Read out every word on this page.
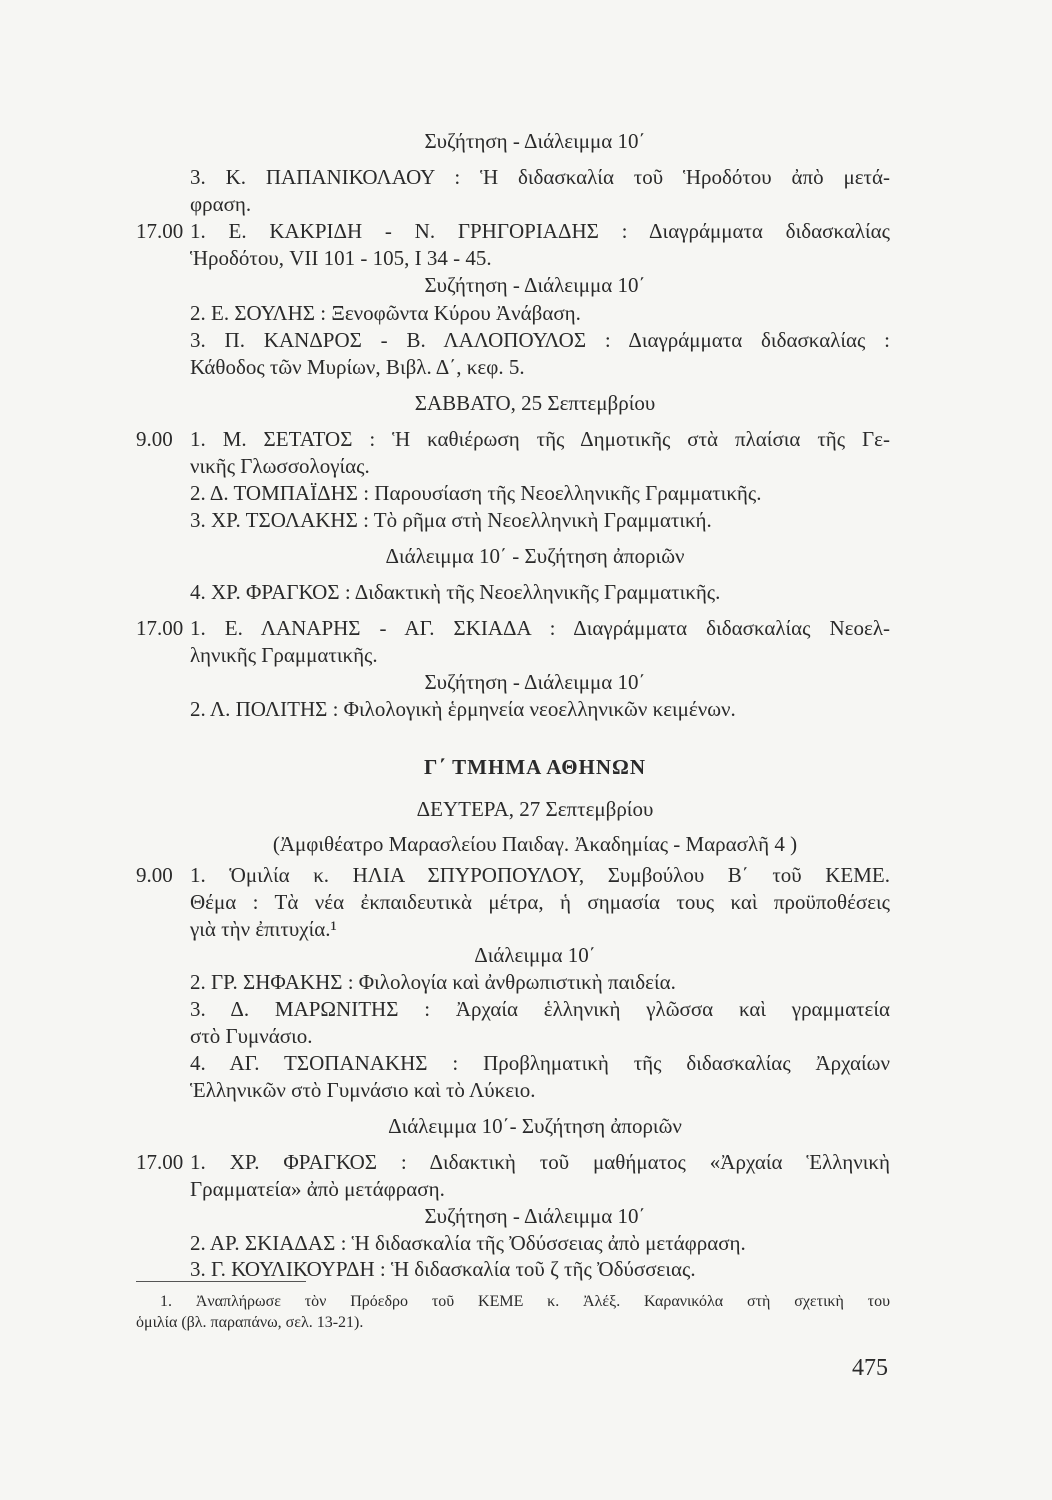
Συζήτηση - Διάλειμμα 10΄
3. Κ. ΠΑΠΑΝΙΚΟΛΑΟΥ : Ἡ διδασκαλία τοῦ Ἡροδότου ἀπὸ μετά-
φραση.
17.00 1. Ε. ΚΑΚΡΙΔΗ - Ν. ΓΡΗΓΟΡΙΑΔΗΣ : Διαγράμματα διδασκαλίας
Ἡροδότου, VII 101 - 105, I 34 - 45.
Συζήτηση - Διάλειμμα 10΄
2. Ε. ΣΟΥΛΗΣ : Ξενοφῶντα Κύρου Ἀνάβαση.
3. Π. ΚΑΝΔΡΟΣ - Β. ΛΑΛΟΠΟΥΛΟΣ : Διαγράμματα διδασκαλίας :
Κάθοδος τῶν Μυρίων, Βιβλ. Δ΄, κεφ. 5.
ΣΑΒΒΑΤΟ, 25 Σεπτεμβρίου
9.00 1. Μ. ΣΕΤΑΤΟΣ : Ἡ καθιέρωση τῆς Δημοτικῆς στὰ πλαίσια τῆς Γε-
νικῆς Γλωσσολογίας.
2. Δ. ΤΟΜΠΑΪΔΗΣ : Παρουσίαση τῆς Νεοελληνικῆς Γραμματικῆς.
3. ΧΡ. ΤΣΟΛΑΚΗΣ : Τὸ ρῆμα στὴ Νεοελληνικὴ Γραμματική.
Διάλειμμα 10΄ - Συζήτηση ἀποριῶν
4. ΧΡ. ΦΡΑΓΚΟΣ : Διδακτικὴ τῆς Νεοελληνικῆς Γραμματικῆς.
17.00 1. Ε. ΛΑΝΑΡΗΣ - ΑΓ. ΣΚΙΑΔΑ : Διαγράμματα διδασκαλίας Νεοελ-
ληνικῆς Γραμματικῆς.
Συζήτηση - Διάλειμμα 10΄
2. Λ. ΠΟΛΙΤΗΣ : Φιλολογικὴ ἑρμηνεία νεοελληνικῶν κειμένων.
Γ΄ ΤΜΗΜΑ ΑΘΗΝΩΝ
ΔΕΥΤΕΡΑ, 27 Σεπτεμβρίου
(Ἀμφιθέατρο Μαρασλείου Παιδαγ. Ἀκαδημίας - Μαρασλῆ 4 )
9.00 1. Ὁμιλία κ. ΗΛΙΑ ΣΠΥΡΟΠΟΥΛΟΥ, Συμβούλου Β΄ τοῦ ΚΕΜΕ.
Θέμα : Τὰ νέα ἐκπαιδευτικὰ μέτρα, ἡ σημασία τους καὶ προϋποθέσεις
γιὰ τὴν ἐπιτυχία.¹
Διάλειμμα 10΄
2. ΓΡ. ΣΗΦΑΚΗΣ : Φιλολογία καὶ ἀνθρωπιστικὴ παιδεία.
3. Δ. ΜΑΡΩΝΙΤΗΣ : Ἀρχαία ἑλληνικὴ γλῶσσα καὶ γραμματεία
στὸ Γυμνάσιο.
4. ΑΓ. ΤΣΟΠΑΝΑΚΗΣ : Προβληματικὴ τῆς διδασκαλίας Ἀρχαίων
Ἑλληνικῶν στὸ Γυμνάσιο καὶ τὸ Λύκειο.
Διάλειμμα 10΄- Συζήτηση ἀποριῶν
17.00 1. ΧΡ. ΦΡΑΓΚΟΣ : Διδακτικὴ τοῦ μαθήματος «Ἀρχαία Ἑλληνικὴ
Γραμματεία» ἀπὸ μετάφραση.
Συζήτηση - Διάλειμμα 10΄
2. ΑΡ. ΣΚΙΑΔΑΣ : Ἡ διδασκαλία τῆς Ὀδύσσειας ἀπὸ μετάφραση.
3. Γ. ΚΟΥΛΙΚΟΥΡΔΗ : Ἡ διδασκαλία τοῦ ζ τῆς Ὀδύσσειας.
1. Ἀναπλήρωσε τὸν Πρόεδρο τοῦ ΚΕΜΕ κ. Ἀλέξ. Καρανικόλα στὴ σχετικὴ του
ὁμιλία (βλ. παραπάνω, σελ. 13-21).
475
